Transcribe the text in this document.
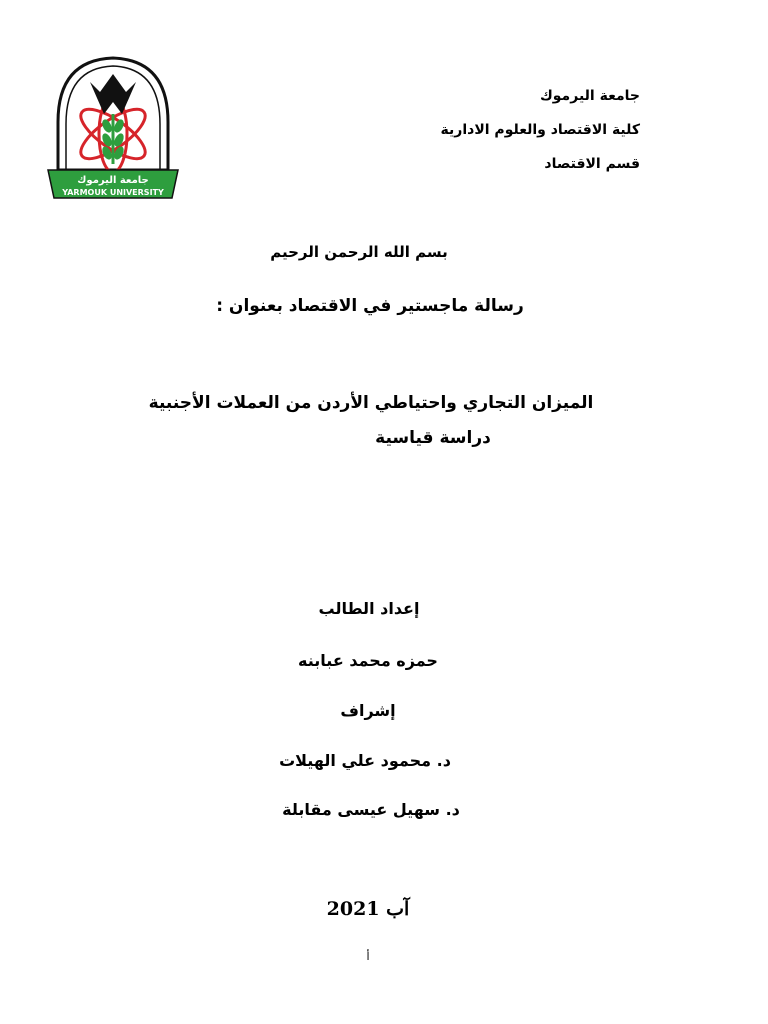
جامعة اليرموك
YARMOUK UNIVERSITY
جامعة اليرموك
كلية الاقتصاد والعلوم الادارية
قسم الاقتصاد
بسم الله الرحمن الرحيم
رسالة ماجستير في الاقتصاد بعنوان :
الميزان التجاري واحتياطي الأردن من العملات الأجنبية
دراسة قياسية
إعداد الطالب
حمزه محمد عبابنه
إشراف
د. محمود علي الهيلات
د. سهيل عيسى مقابلة
آب 2021
أ
